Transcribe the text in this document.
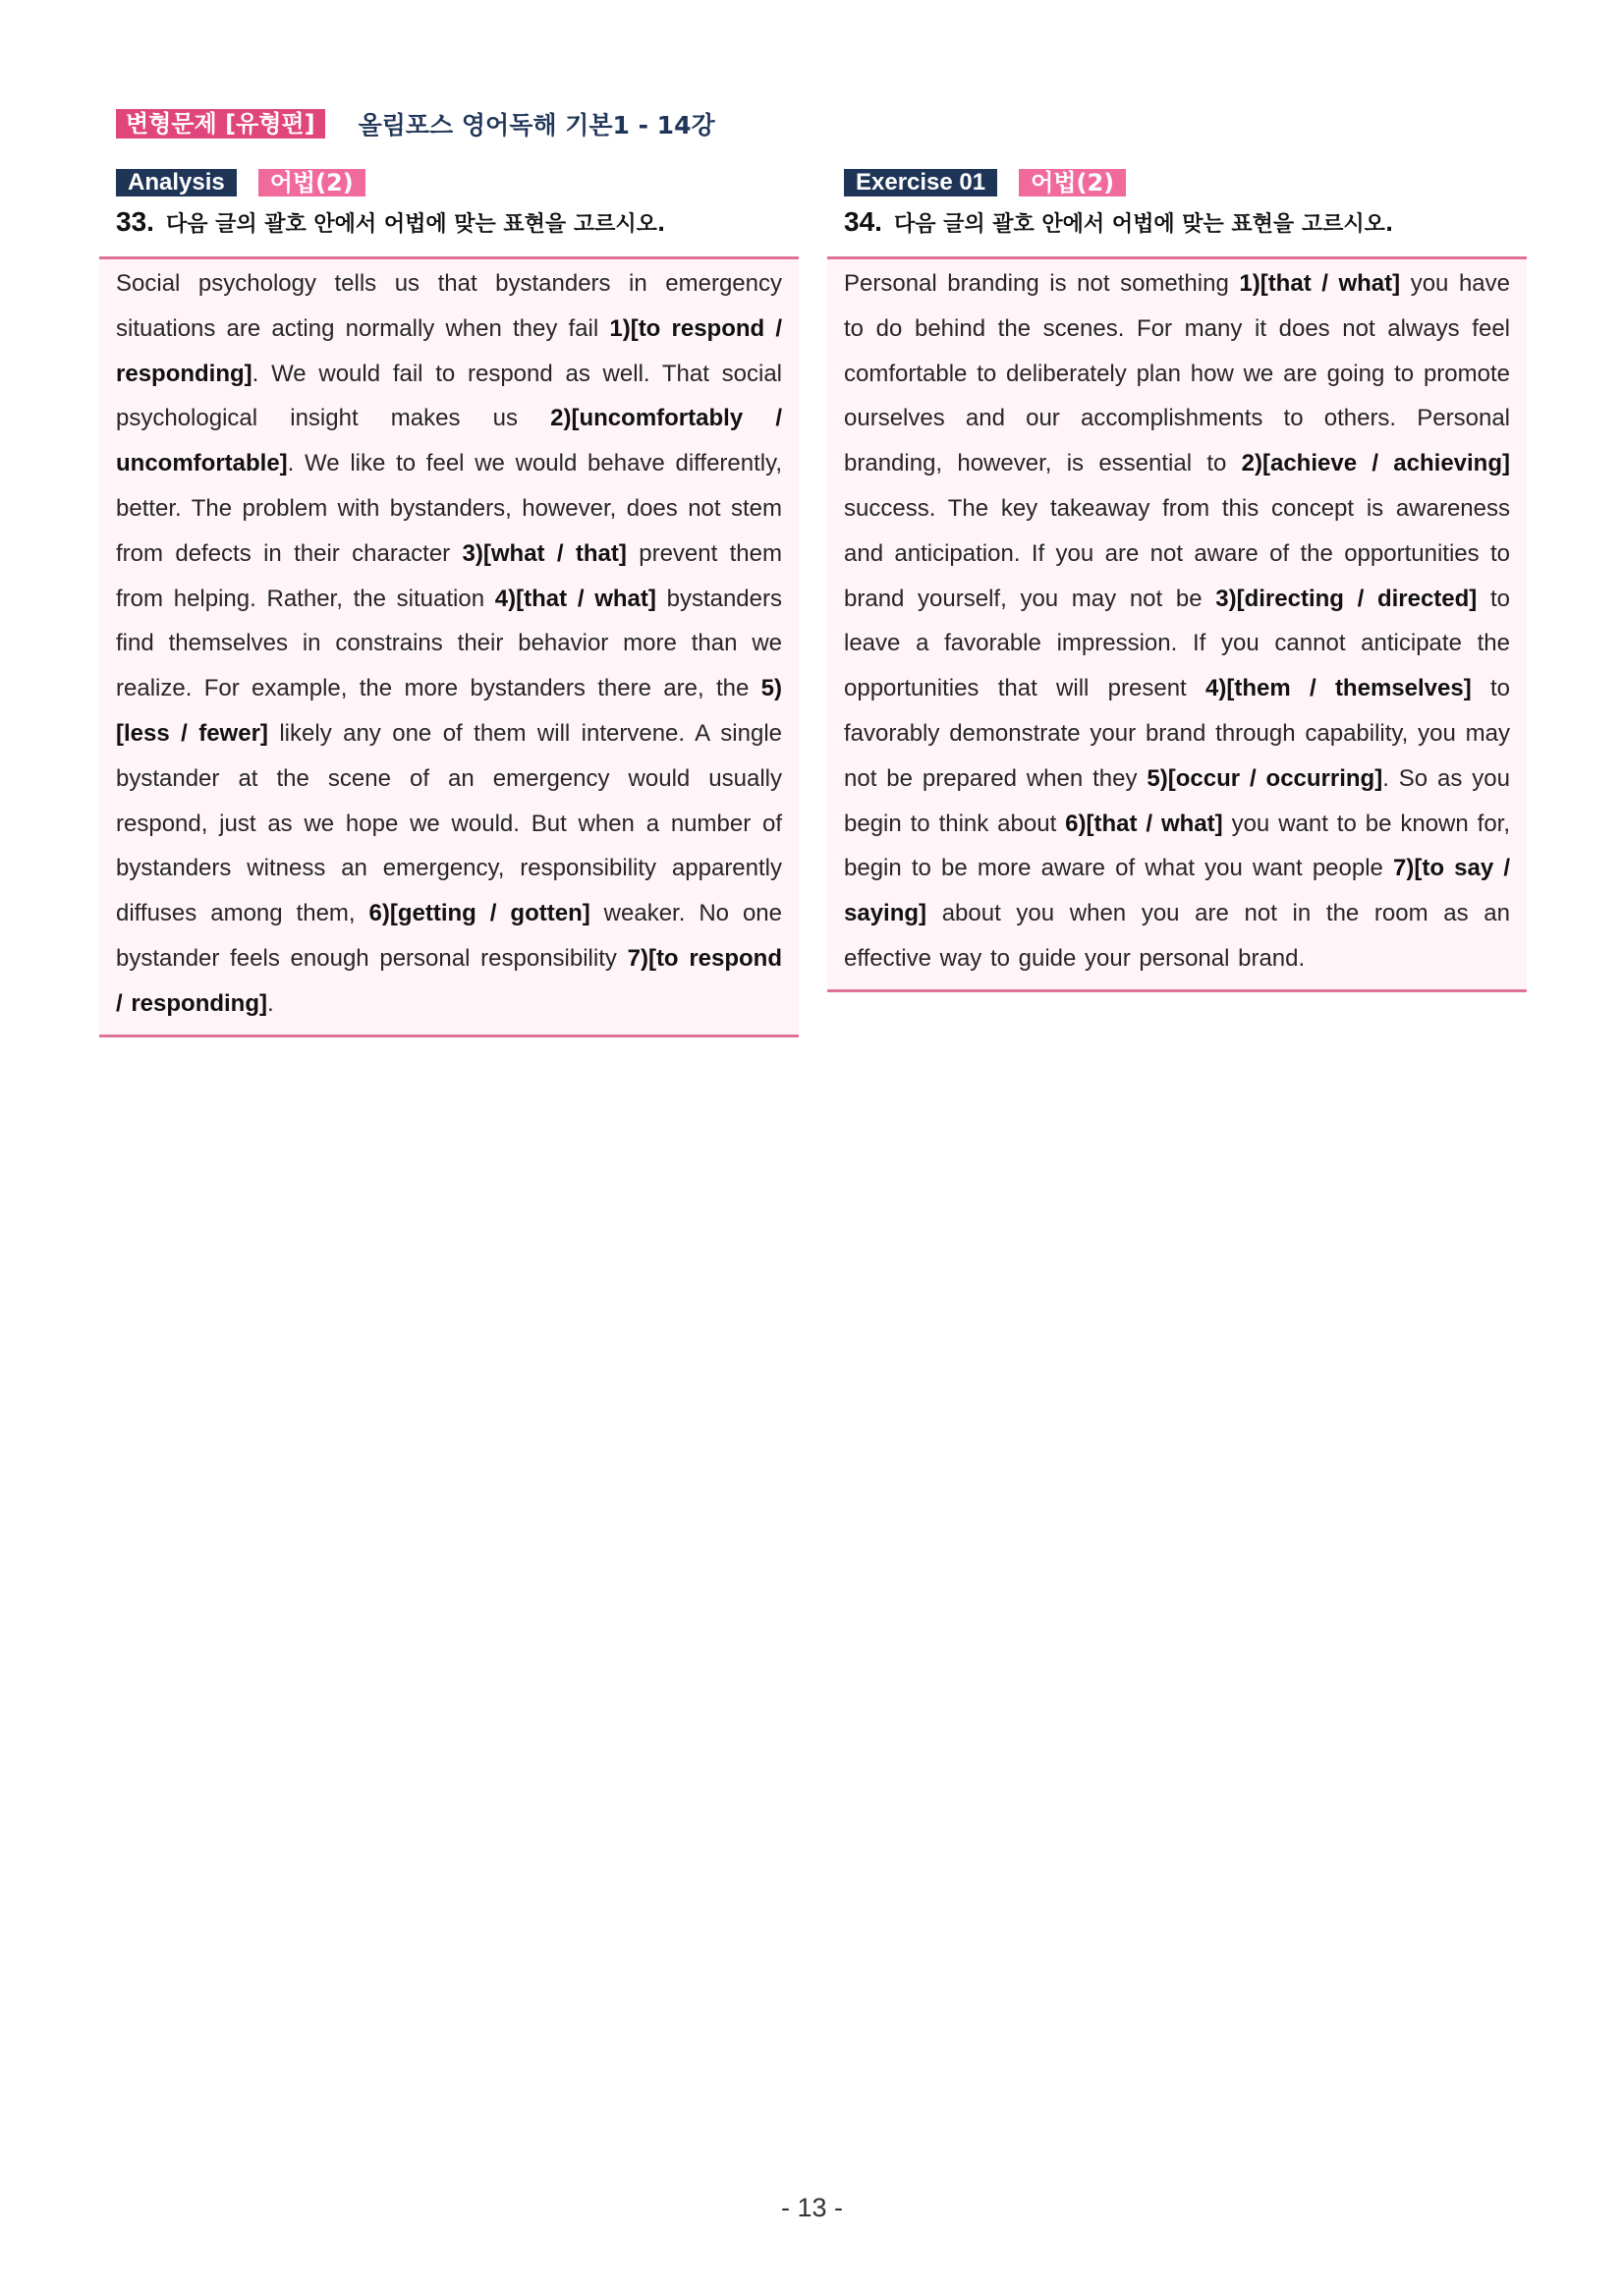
변형문제 [유형편]	올림포스 영어독해 기본1 - 14강
Analysis	어법(2)
33. 다음 글의 괄호 안에서 어법에 맞는 표현을 고르시오.

Social psychology tells us that bystanders in emergency situations are acting normally when they fail 1)[to respond / responding]. We would fail to respond as well. That social psychological insight makes us 2)[uncomfortably / uncomfortable]. We like to feel we would behave differently, better. The problem with bystanders, however, does not stem from defects in their character 3)[what / that] prevent them from helping. Rather, the situation 4)[that / what] bystanders find themselves in constrains their behavior more than we realize. For example, the more bystanders there are, the 5)[less / fewer] likely any one of them will intervene. A single bystander at the scene of an emergency would usually respond, just as we hope we would. But when a number of bystanders witness an emergency, responsibility apparently diffuses among them, 6)[getting / gotten] weaker. No one bystander feels enough personal responsibility 7)[to respond / responding].

Exercise 01	어법(2)
34. 다음 글의 괄호 안에서 어법에 맞는 표현을 고르시오.

Personal branding is not something 1)[that / what] you have to do behind the scenes. For many it does not always feel comfortable to deliberately plan how we are going to promote ourselves and our accomplishments to others. Personal branding, however, is essential to 2)[achieve / achieving] success. The key takeaway from this concept is awareness and anticipation. If you are not aware of the opportunities to brand yourself, you may not be 3)[directing / directed] to leave a favorable impression. If you cannot anticipate the opportunities that will present 4)[them / themselves] to favorably demonstrate your brand through capability, you may not be prepared when they 5)[occur / occurring]. So as you begin to think about 6)[that / what] you want to be known for, begin to be more aware of what you want people 7)[to say / saying] about you when you are not in the room as an effective way to guide your personal brand.

- 13 -
